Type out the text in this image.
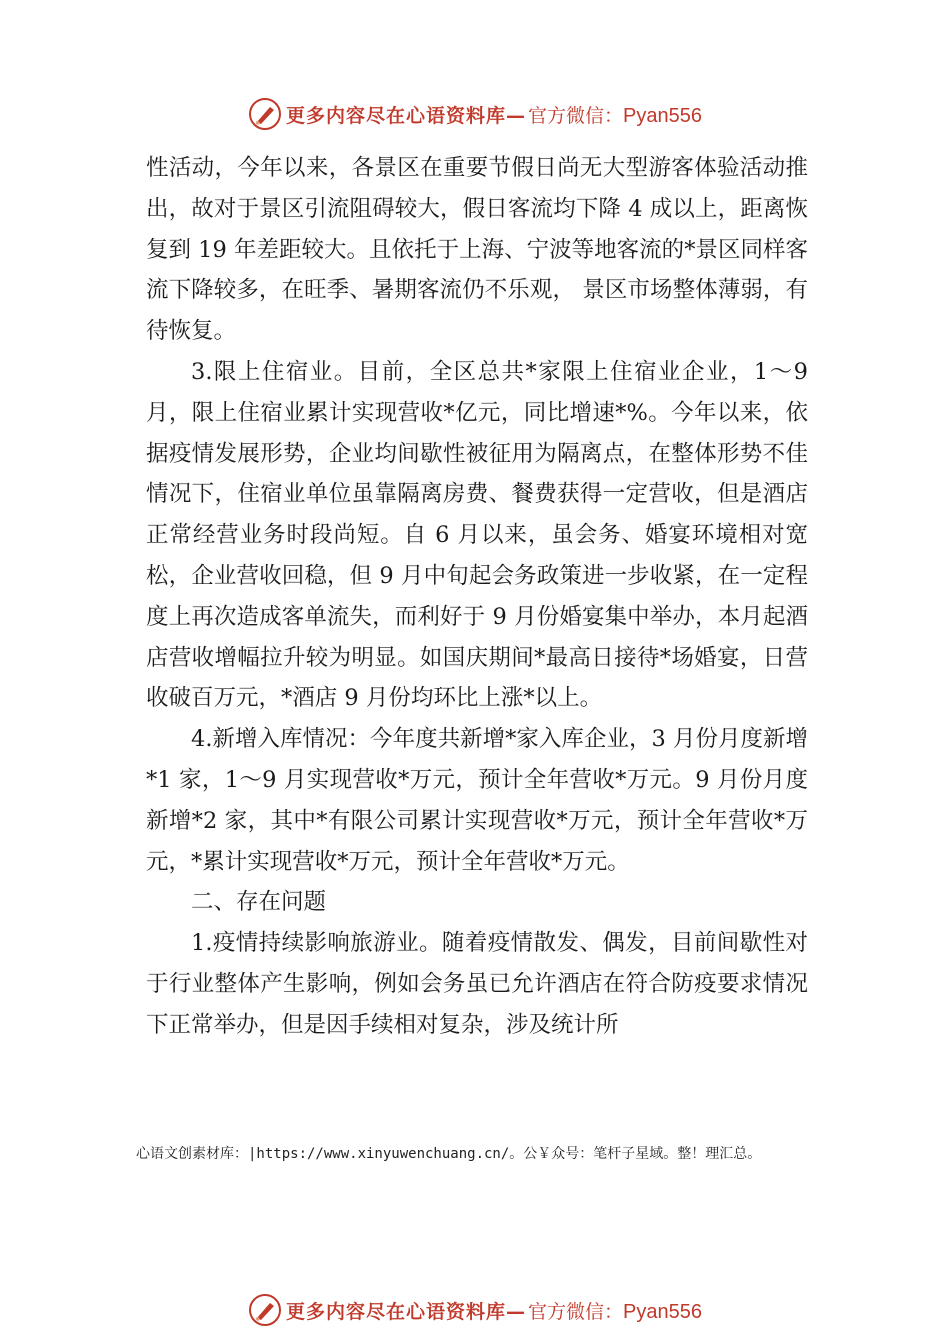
更多内容尽在心语资料库— 官方微信：Pyan556

性活动，今年以来，各景区在重要节假日尚无大型游客体验活动推出，故对于景区引流阻碍较大，假日客流均下降 4 成以上，距离恢复到 19 年差距较大。且依托于上海、宁波等地客流的*景区同样客流下降较多，在旺季、暑期客流仍不乐观， 景区市场整体薄弱，有待恢复。

3.限上住宿业。目前，全区总共*家限上住宿业企业，1～9 月，限上住宿业累计实现营收*亿元，同比增速*%。今年以来，依据疫情发展形势，企业均间歇性被征用为隔离点，在整体形势不佳情况下，住宿业单位虽靠隔离房费、餐费获得一定营收，但是酒店正常经营业务时段尚短。自 6 月以来，虽会务、婚宴环境相对宽松，企业营收回稳，但 9 月中旬起会务政策进一步收紧，在一定程度上再次造成客单流失，而利好于 9 月份婚宴集中举办，本月起酒店营收增幅拉升较为明显。如国庆期间*最高日接待*场婚宴，日营收破百万元，*酒店 9 月份均环比上涨*以上。

4.新增入库情况：今年度共新增*家入库企业，3 月份月度新增*1 家，1～9 月实现营收*万元，预计全年营收*万元。9 月份月度新增*2 家，其中*有限公司累计实现营收*万元，预计全年营收*万元，*累计实现营收*万元，预计全年营收*万元。

二、存在问题

1.疫情持续影响旅游业。随着疫情散发、偶发，目前间歇性对于行业整体产生影响，例如会务虽已允许酒店在符合防疫要求情况下正常举办，但是因手续相对复杂，涉及统计所

心语文创素材库：|https://www.xinyuwenchuang.cn/。公￥众号：笔杆子星域。整！理汇总。
更多内容尽在心语资料库— 官方微信：Pyan556
